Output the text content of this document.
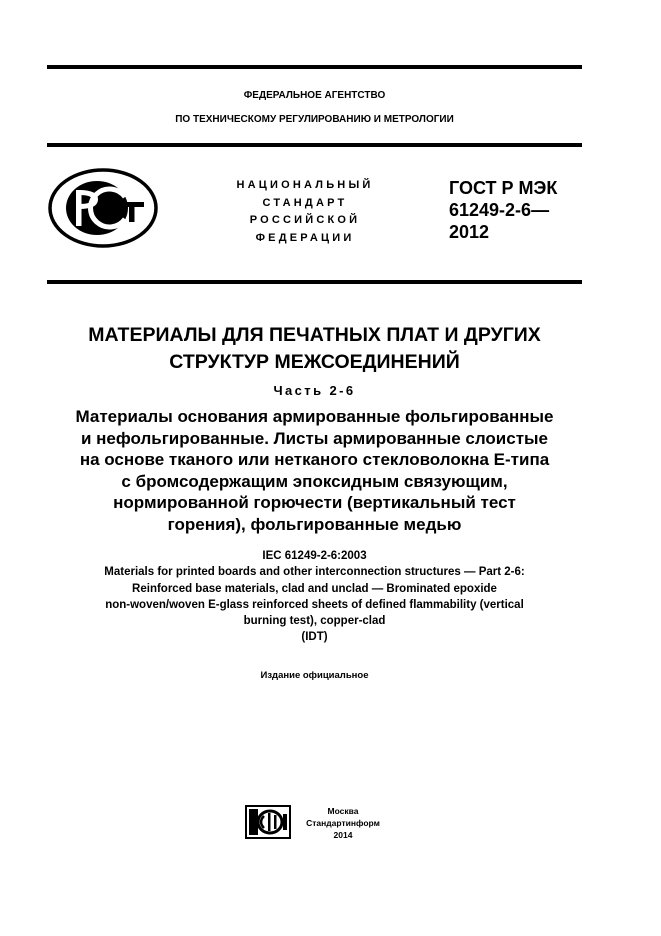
ФЕДЕРАЛЬНОЕ АГЕНТСТВО
ПО ТЕХНИЧЕСКОМУ РЕГУЛИРОВАНИЮ И МЕТРОЛОГИИ
НАЦИОНАЛЬНЫЙ
СТАНДАРТ
РОССИЙСКОЙ
ФЕДЕРАЦИИ
ГОСТ Р МЭК
61249-2-6—
2012
МАТЕРИАЛЫ ДЛЯ ПЕЧАТНЫХ ПЛАТ И ДРУГИХ
СТРУКТУР МЕЖСОЕДИНЕНИЙ
Часть 2-6
Материалы основания армированные фольгированные
и нефольгированные. Листы армированные слоистые
на основе тканого или нетканого стекловолокна Е-типа
с бромсодержащим эпоксидным связующим,
нормированной горючести (вертикальный тест
горения), фольгированные медью
IEC 61249-2-6:2003
Materials for printed boards and other interconnection structures — Part 2-6:
Reinforced base materials, clad and unclad — Brominated epoxide
non-woven/woven E-glass reinforced sheets of defined flammability (vertical
burning test), copper-clad
(IDT)
Издание официальное
Москва
Стандартинформ
2014
